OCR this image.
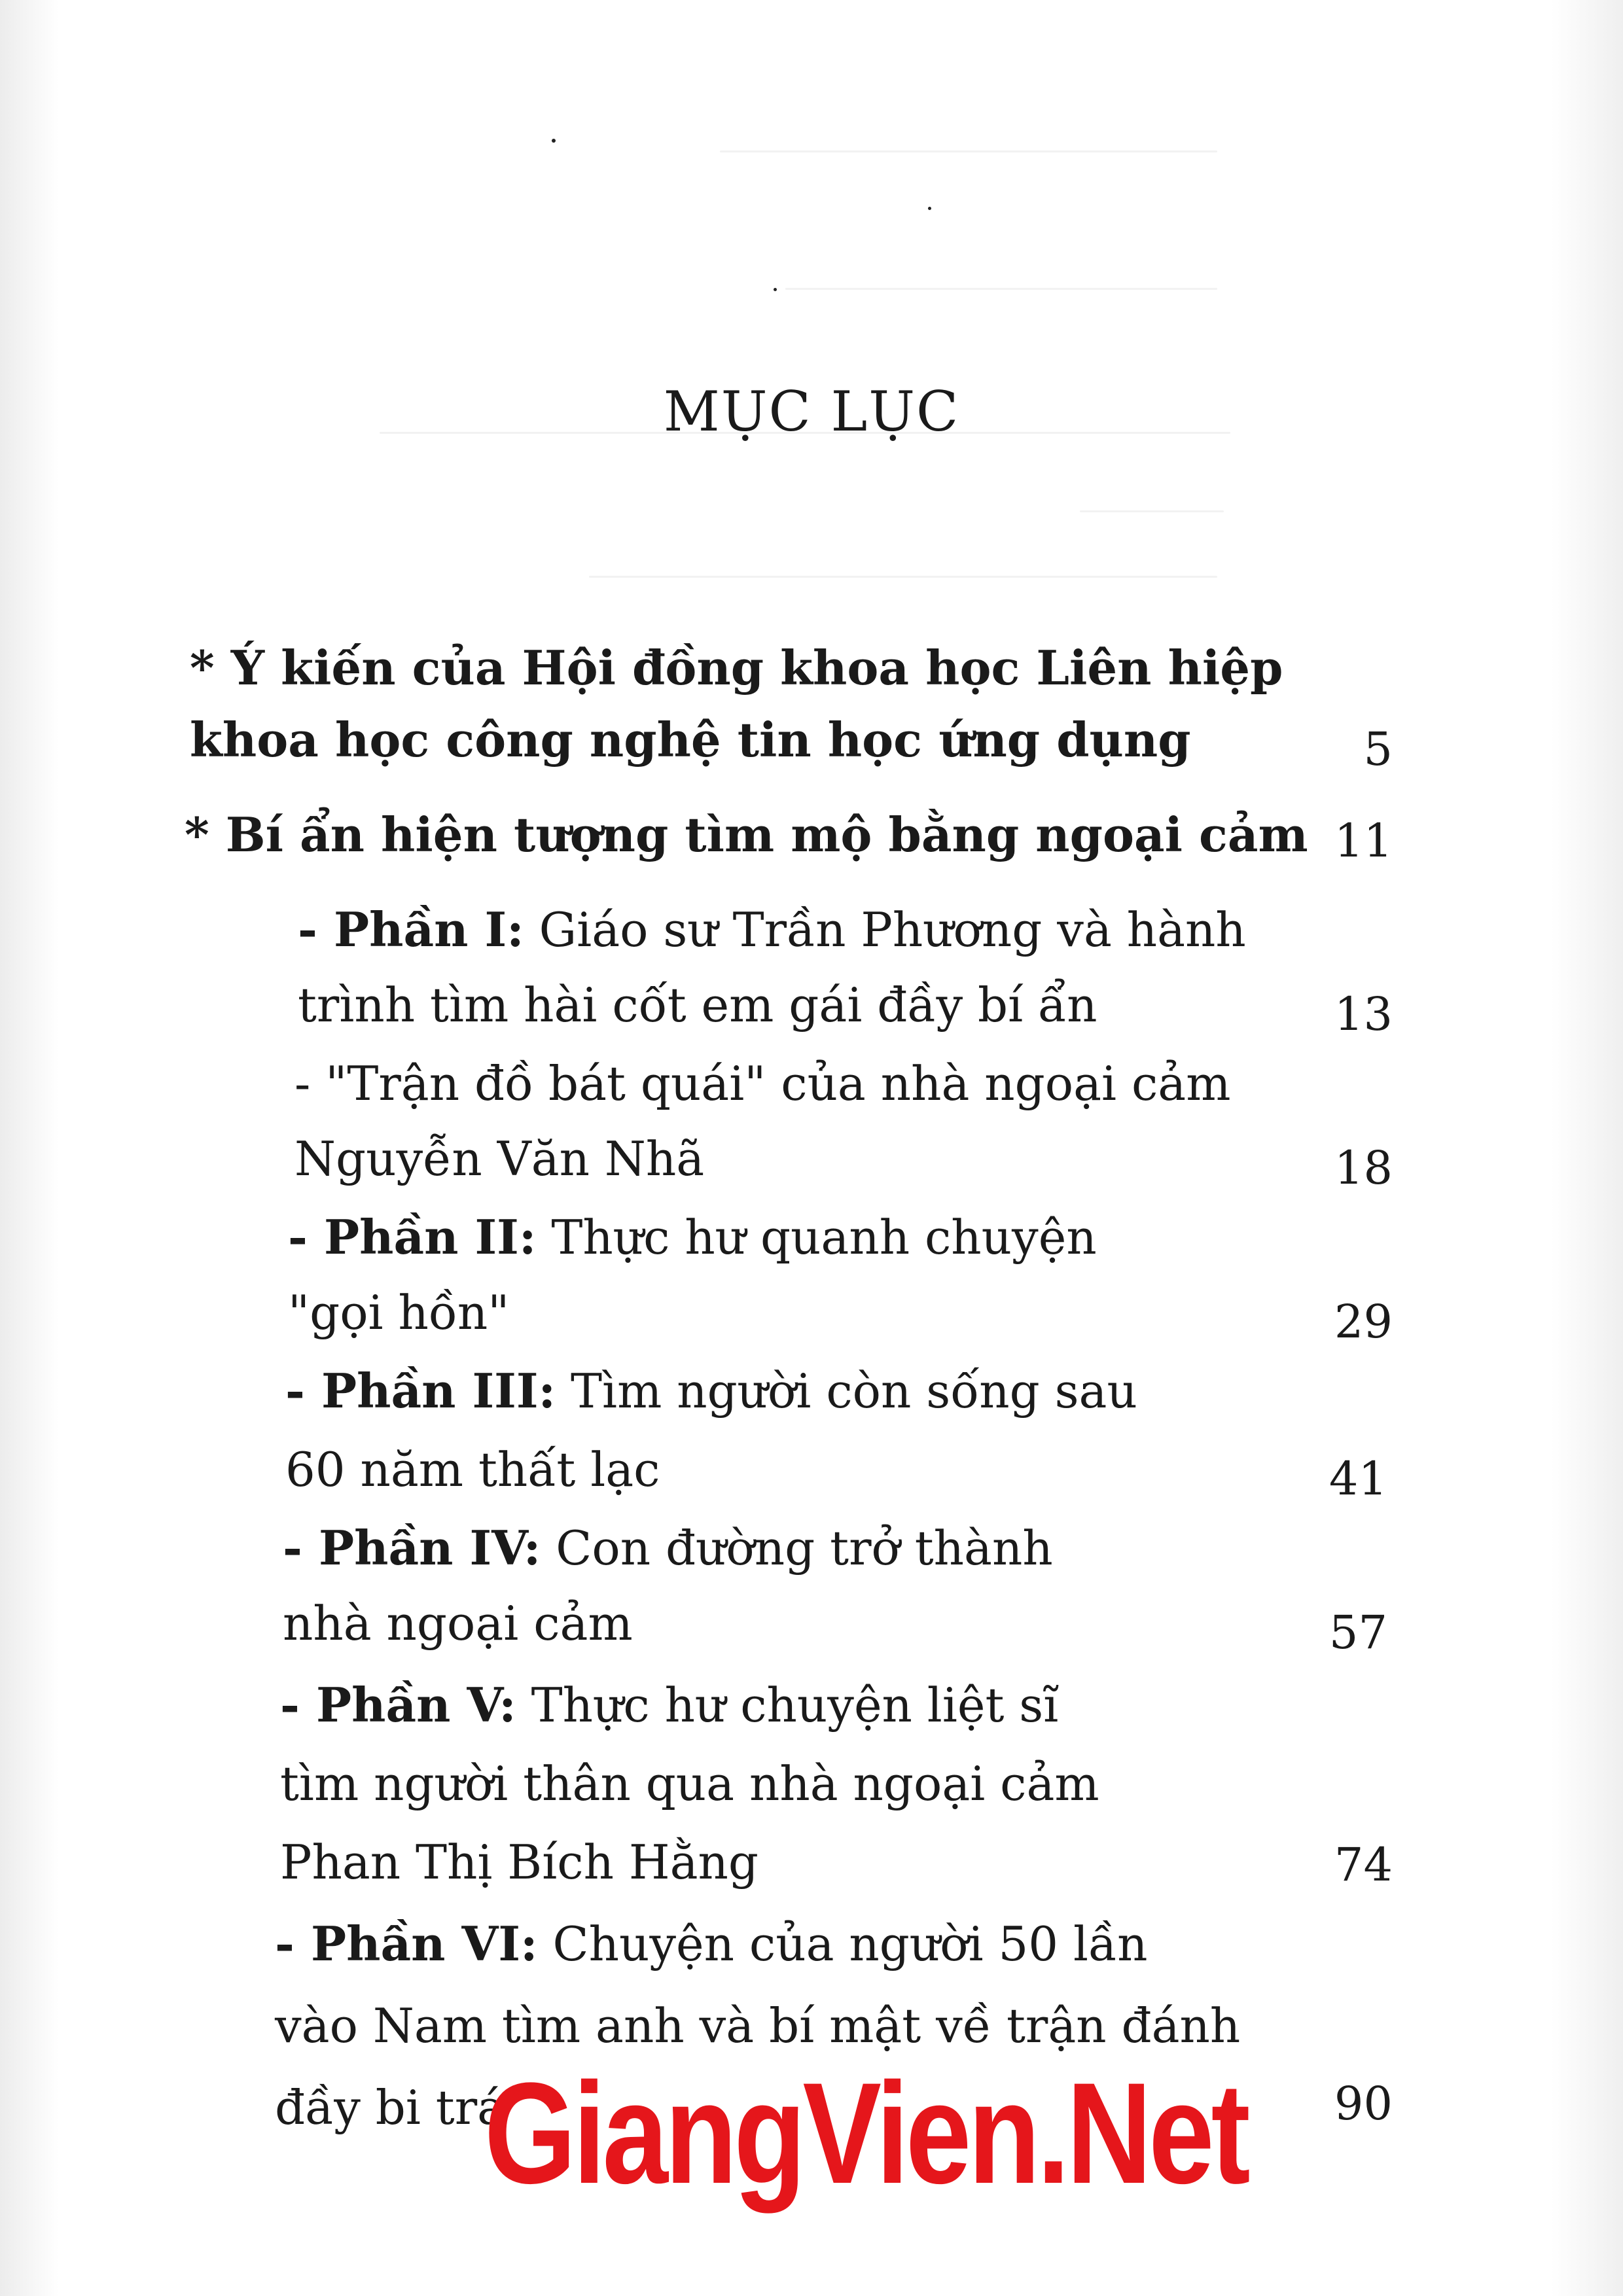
MỤC LỤC
* Ý kiến của Hội đồng khoa học Liên hiệp
khoa học công nghệ tin học ứng dụng	5
* Bí ẩn hiện tượng tìm mộ bằng ngoại cảm 11
- Phần I: Giáo sư Trần Phương và hành
trình tìm hài cốt em gái đầy bí ẩn	13
- "Trận đồ bát quái" của nhà ngoại cảm
Nguyễn Văn Nhã	18
- Phần II: Thực hư quanh chuyện
"gọi hồn"	29
- Phần III: Tìm người còn sống sau
60 năm thất lạc	41
- Phần IV: Con đường trở thành
nhà ngoại cảm	57
- Phần V: Thực hư chuyện liệt sĩ
tìm người thân qua nhà ngoại cảm
Phan Thị Bích Hằng	74
- Phần VI: Chuyện của người 50 lần
vào Nam tìm anh và bí mật về trận đánh
đầy bi trá	90
GiangVien.Net
